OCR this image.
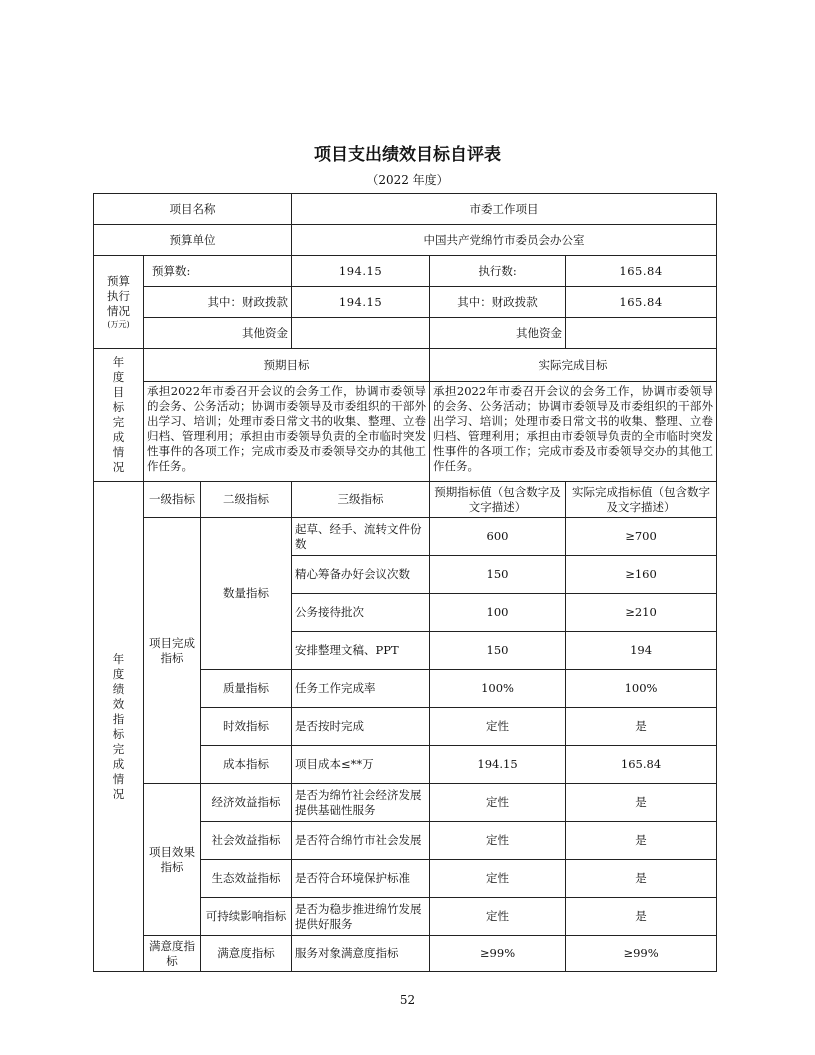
项目支出绩效目标自评表
（2022 年度）
项目名称			市委工作项目		
预算单位			中国共产党绵竹市委员会办公室		

预算执行情况
(万元)	预算数:		194.15	执行数:	165.84
	其中：财政拨款		194.15	其中：财政拨款	165.84
	其他资金			其他资金	

年度目标完成情况	预期目标			实际完成目标	
	承担2022年市委召开会议的会务工作，协调市委领导的会务、公务活动；协调市委领导及市委组织的干部外出学习、培训；处理市委日常文书的收集、整理、立卷归档、管理利用；承担由市委领导负责的全市临时突发性事件的各项工作；完成市委及市委领导交办的其他工作任务。			承担2022年市委召开会议的会务工作，协调市委领导的会务、公务活动；协调市委领导及市委组织的干部外出学习、培训；处理市委日常文书的收集、整理、立卷归档、管理利用；承担由市委领导负责的全市临时突发性事件的各项工作；完成市委及市委领导交办的其他工作任务。	

年度绩效指标完成情况	一级指标	二级指标	三级指标	预期指标值（包含数字及文字描述）	实际完成指标值（包含数字及文字描述）
	项目完成指标	数量指标	起草、经手、流转文件份数	600	≥700
			精心筹备办好会议次数	150	≥160
			公务接待批次	100	≥210
			安排整理文稿、PPT	150	194
		质量指标	任务工作完成率	100%	100%
		时效指标	是否按时完成	定性	是
		成本指标	项目成本≤**万	194.15	165.84
	项目效果指标	经济效益指标	是否为绵竹社会经济发展提供基础性服务	定性	是
		社会效益指标	是否符合绵竹市社会发展	定性	是
		生态效益指标	是否符合环境保护标准	定性	是
		可持续影响指标	是否为稳步推进绵竹发展提供好服务	定性	是
	满意度指标	满意度指标	服务对象满意度指标	≥99%	≥99%
52
